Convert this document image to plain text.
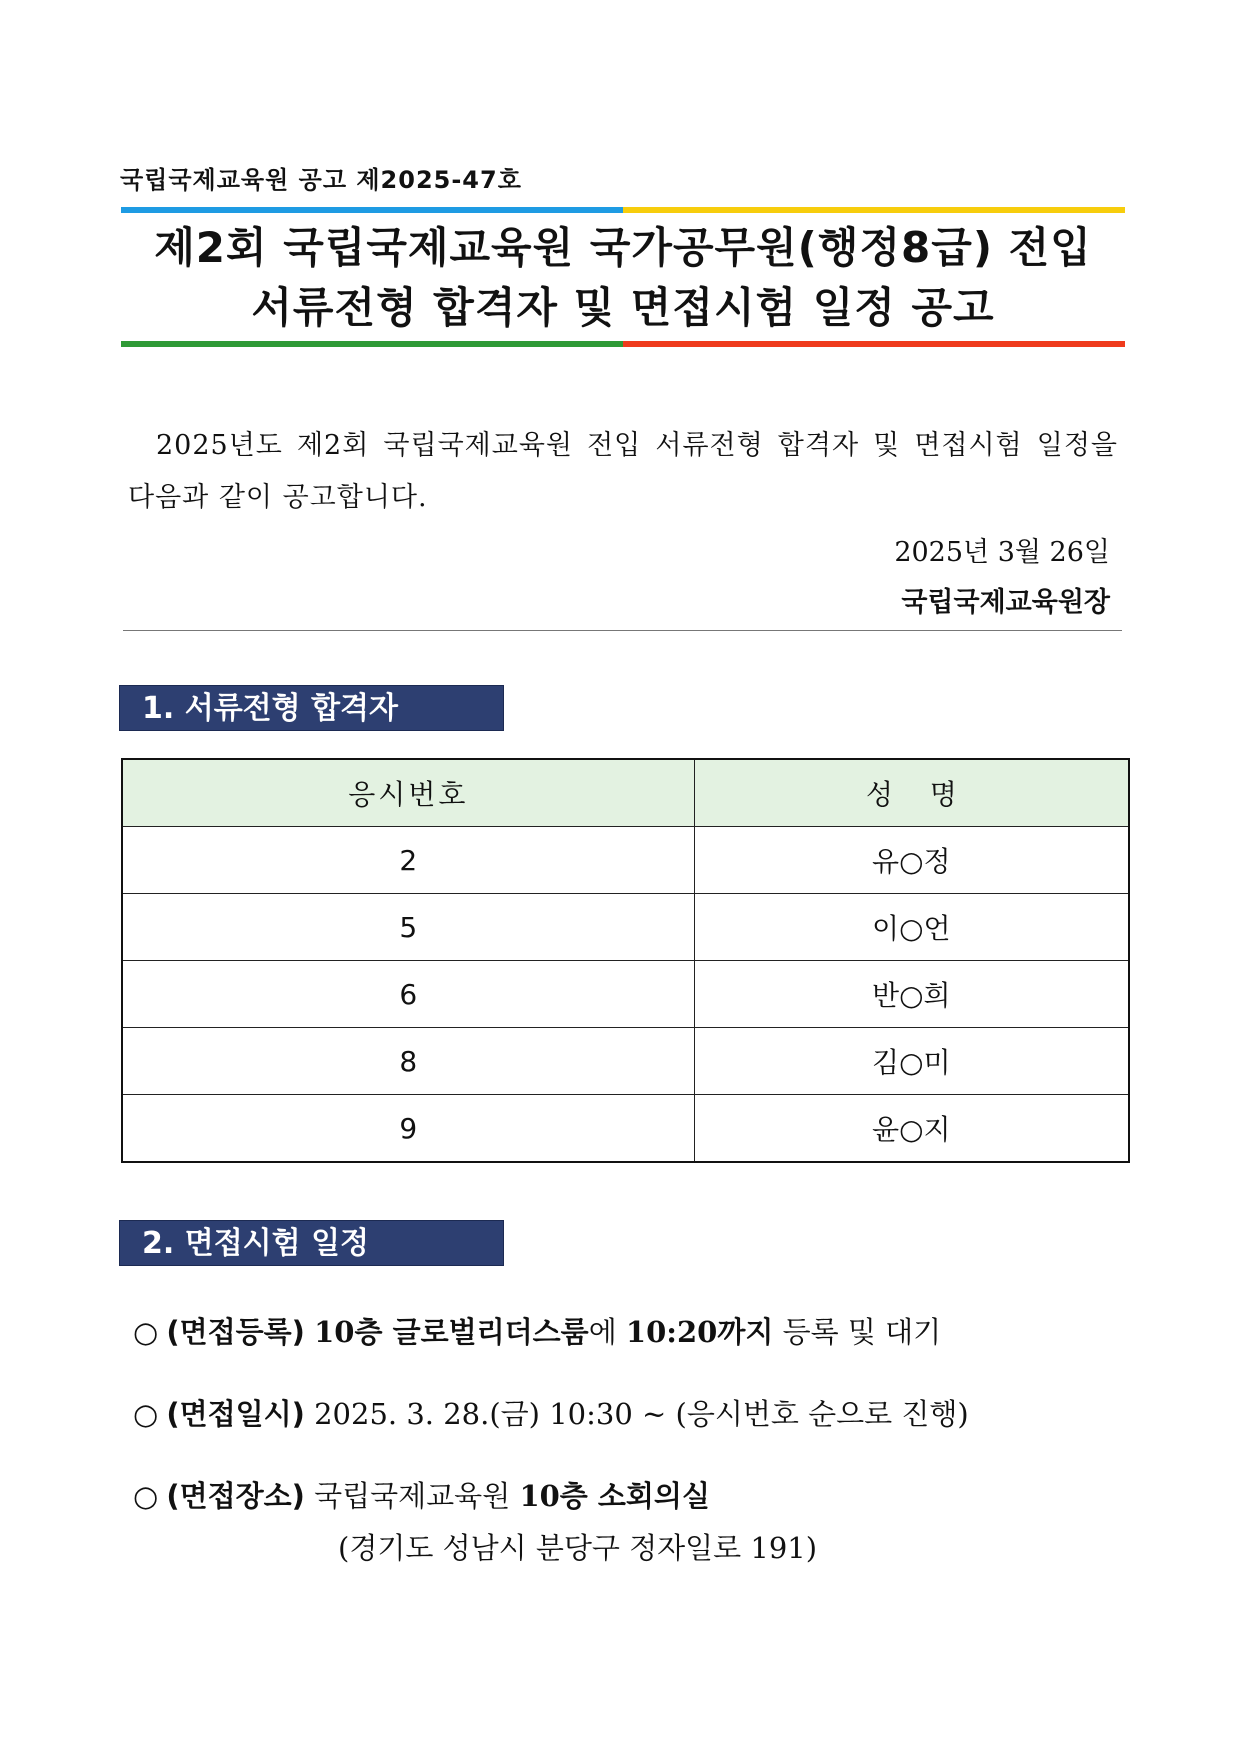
국립국제교육원 공고 제2025-47호
제2회 국립국제교육원 국가공무원(행정8급) 전입
서류전형 합격자 및 면접시험 일정 공고
2025년도 제2회 국립국제교육원 전입 서류전형 합격자 및 면접시험 일정을 다음과 같이 공고합니다.
2025년 3월 26일
국립국제교육원장
1. 서류전형 합격자
응시번호	성 명
2	유○정
5	이○언
6	반○희
8	김○미
9	윤○지
2. 면접시험 일정
○ (면접등록) 10층 글로벌리더스룸에 10:20까지 등록 및 대기
○ (면접일시) 2025. 3. 28.(금) 10:30 ~ (응시번호 순으로 진행)
○ (면접장소) 국립국제교육원 10층 소회의실
(경기도 성남시 분당구 정자일로 191)
